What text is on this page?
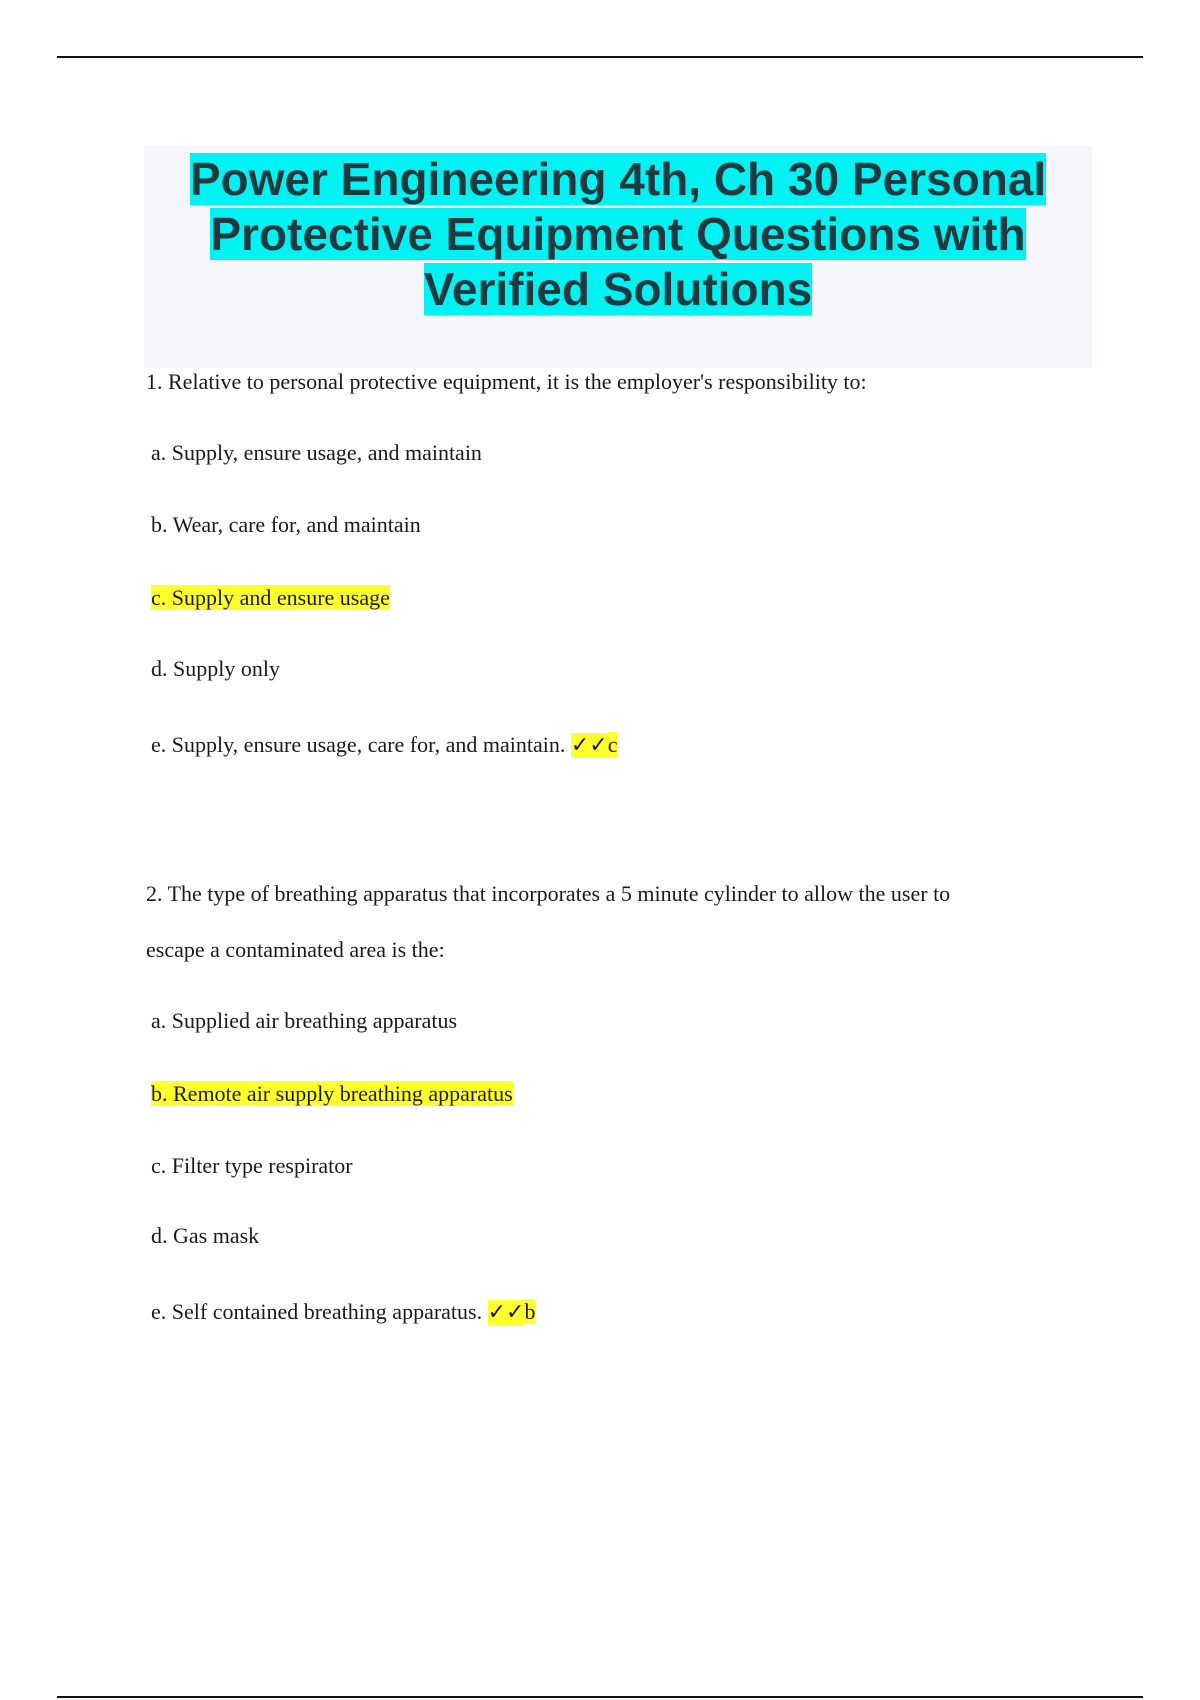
Power Engineering 4th, Ch 30 Personal
Protective Equipment Questions with
Verified Solutions
1. Relative to personal protective equipment, it is the employer's responsibility to:
a. Supply, ensure usage, and maintain
b. Wear, care for, and maintain
c. Supply and ensure usage
d. Supply only
e. Supply, ensure usage, care for, and maintain. ✓✓c
2. The type of breathing apparatus that incorporates a 5 minute cylinder to allow the user to
escape a contaminated area is the:
a. Supplied air breathing apparatus
b. Remote air supply breathing apparatus
c. Filter type respirator
d. Gas mask
e. Self contained breathing apparatus. ✓✓b
